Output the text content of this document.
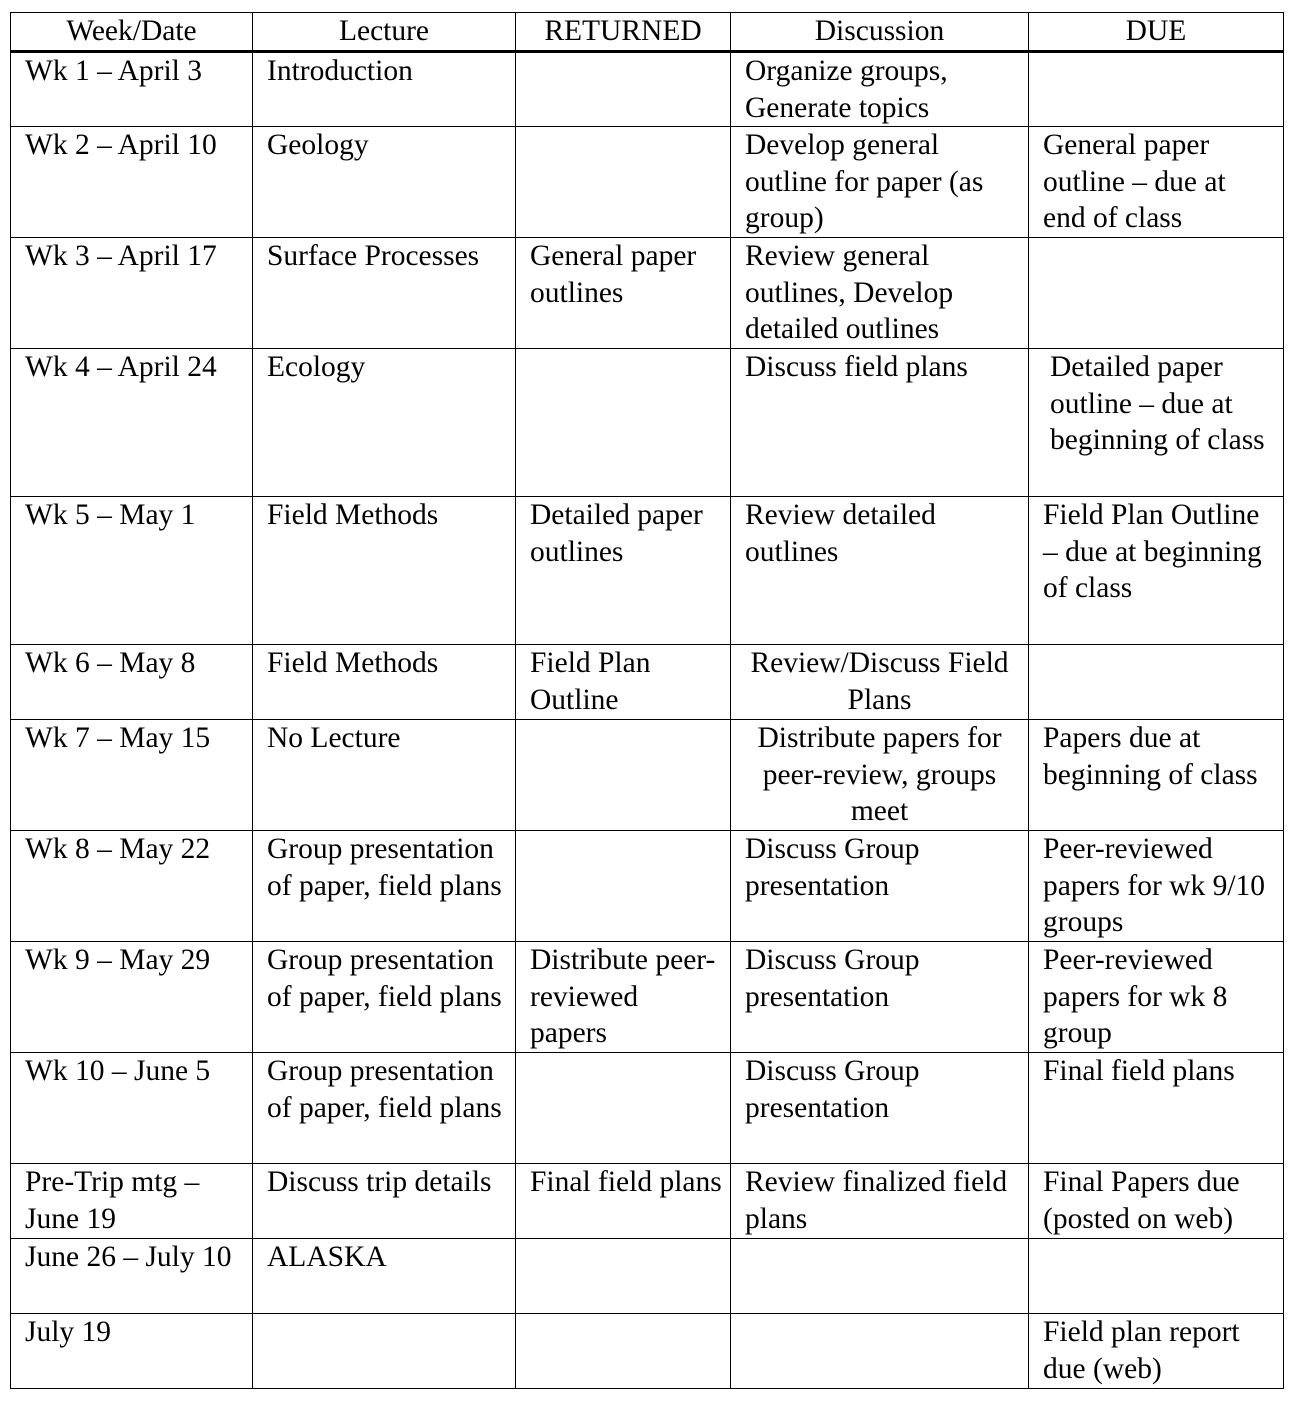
Week/Date	Lecture	RETURNED	Discussion	DUE
Wk 1 – April 3	Introduction		Organize groups, Generate topics	
Wk 2 – April 10	Geology		Develop general outline for paper (as group)	General paper outline – due at end of class
Wk 3 – April 17	Surface Processes	General paper outlines	Review general outlines, Develop detailed outlines	
Wk 4 – April 24	Ecology		Discuss field plans	Detailed paper outline – due at beginning of class
Wk 5 – May 1	Field Methods	Detailed paper outlines	Review detailed outlines	Field Plan Outline – due at beginning of class
Wk 6 – May 8	Field Methods	Field Plan Outline	Review/Discuss Field Plans	
Wk 7 – May 15	No Lecture		Distribute papers for peer-review, groups meet	Papers due at beginning of class
Wk 8 – May 22	Group presentation of paper, field plans		Discuss Group presentation	Peer-reviewed papers for wk 9/10 groups
Wk 9 – May 29	Group presentation of paper, field plans	Distribute peer-reviewed papers	Discuss Group presentation	Peer-reviewed papers for wk 8 group
Wk 10 – June 5	Group presentation of paper, field plans		Discuss Group presentation	Final field plans
Pre-Trip mtg – June 19	Discuss trip details	Final field plans	Review finalized field plans	Final Papers due (posted on web)
June 26 – July 10	ALASKA			
July 19				Field plan report due (web)
